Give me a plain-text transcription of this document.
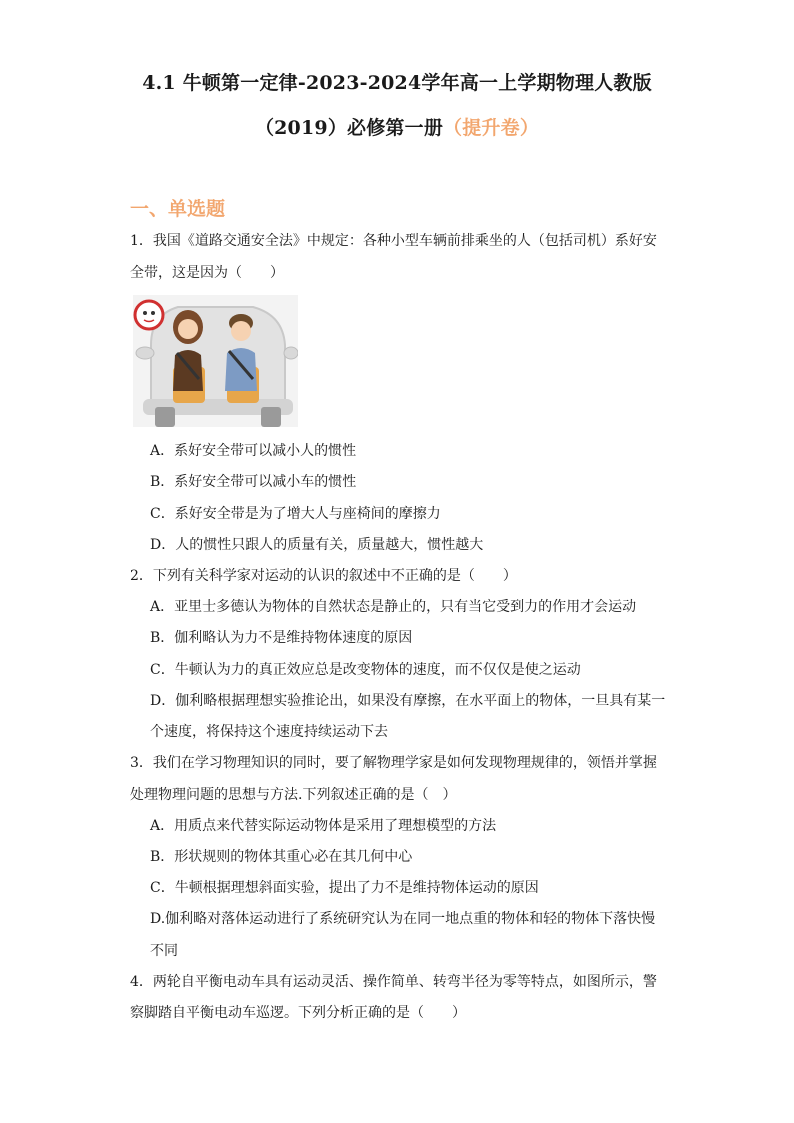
4.1 牛顿第一定律-2023-2024学年高一上学期物理人教版
（2019）必修第一册（提升卷）
一、单选题
1．我国《道路交通安全法》中规定：各种小型车辆前排乘坐的人（包括司机）系好安
全带，这是因为（　　）
A．系好安全带可以减小人的惯性
B．系好安全带可以减小车的惯性
C．系好安全带是为了增大人与座椅间的摩擦力
D．人的惯性只跟人的质量有关，质量越大，惯性越大
2．下列有关科学家对运动的认识的叙述中不正确的是（　　）
A．亚里士多德认为物体的自然状态是静止的，只有当它受到力的作用才会运动
B．伽利略认为力不是维持物体速度的原因
C．牛顿认为力的真正效应总是改变物体的速度，而不仅仅是使之运动
D．伽利略根据理想实验推论出，如果没有摩擦，在水平面上的物体，一旦具有某一
个速度，将保持这个速度持续运动下去
3．我们在学习物理知识的同时，要了解物理学家是如何发现物理规律的，领悟并掌握
处理物理问题的思想与方法.下列叙述正确的是（　）
A．用质点来代替实际运动物体是采用了理想模型的方法
B．形状规则的物体其重心必在其几何中心
C．牛顿根据理想斜面实验，提出了力不是维持物体运动的原因
D.伽利略对落体运动进行了系统研究认为在同一地点重的物体和轻的物体下落快慢
不同
4．两轮自平衡电动车具有运动灵活、操作简单、转弯半径为零等特点，如图所示，警
察脚踏自平衡电动车巡逻。下列分析正确的是（　　）
